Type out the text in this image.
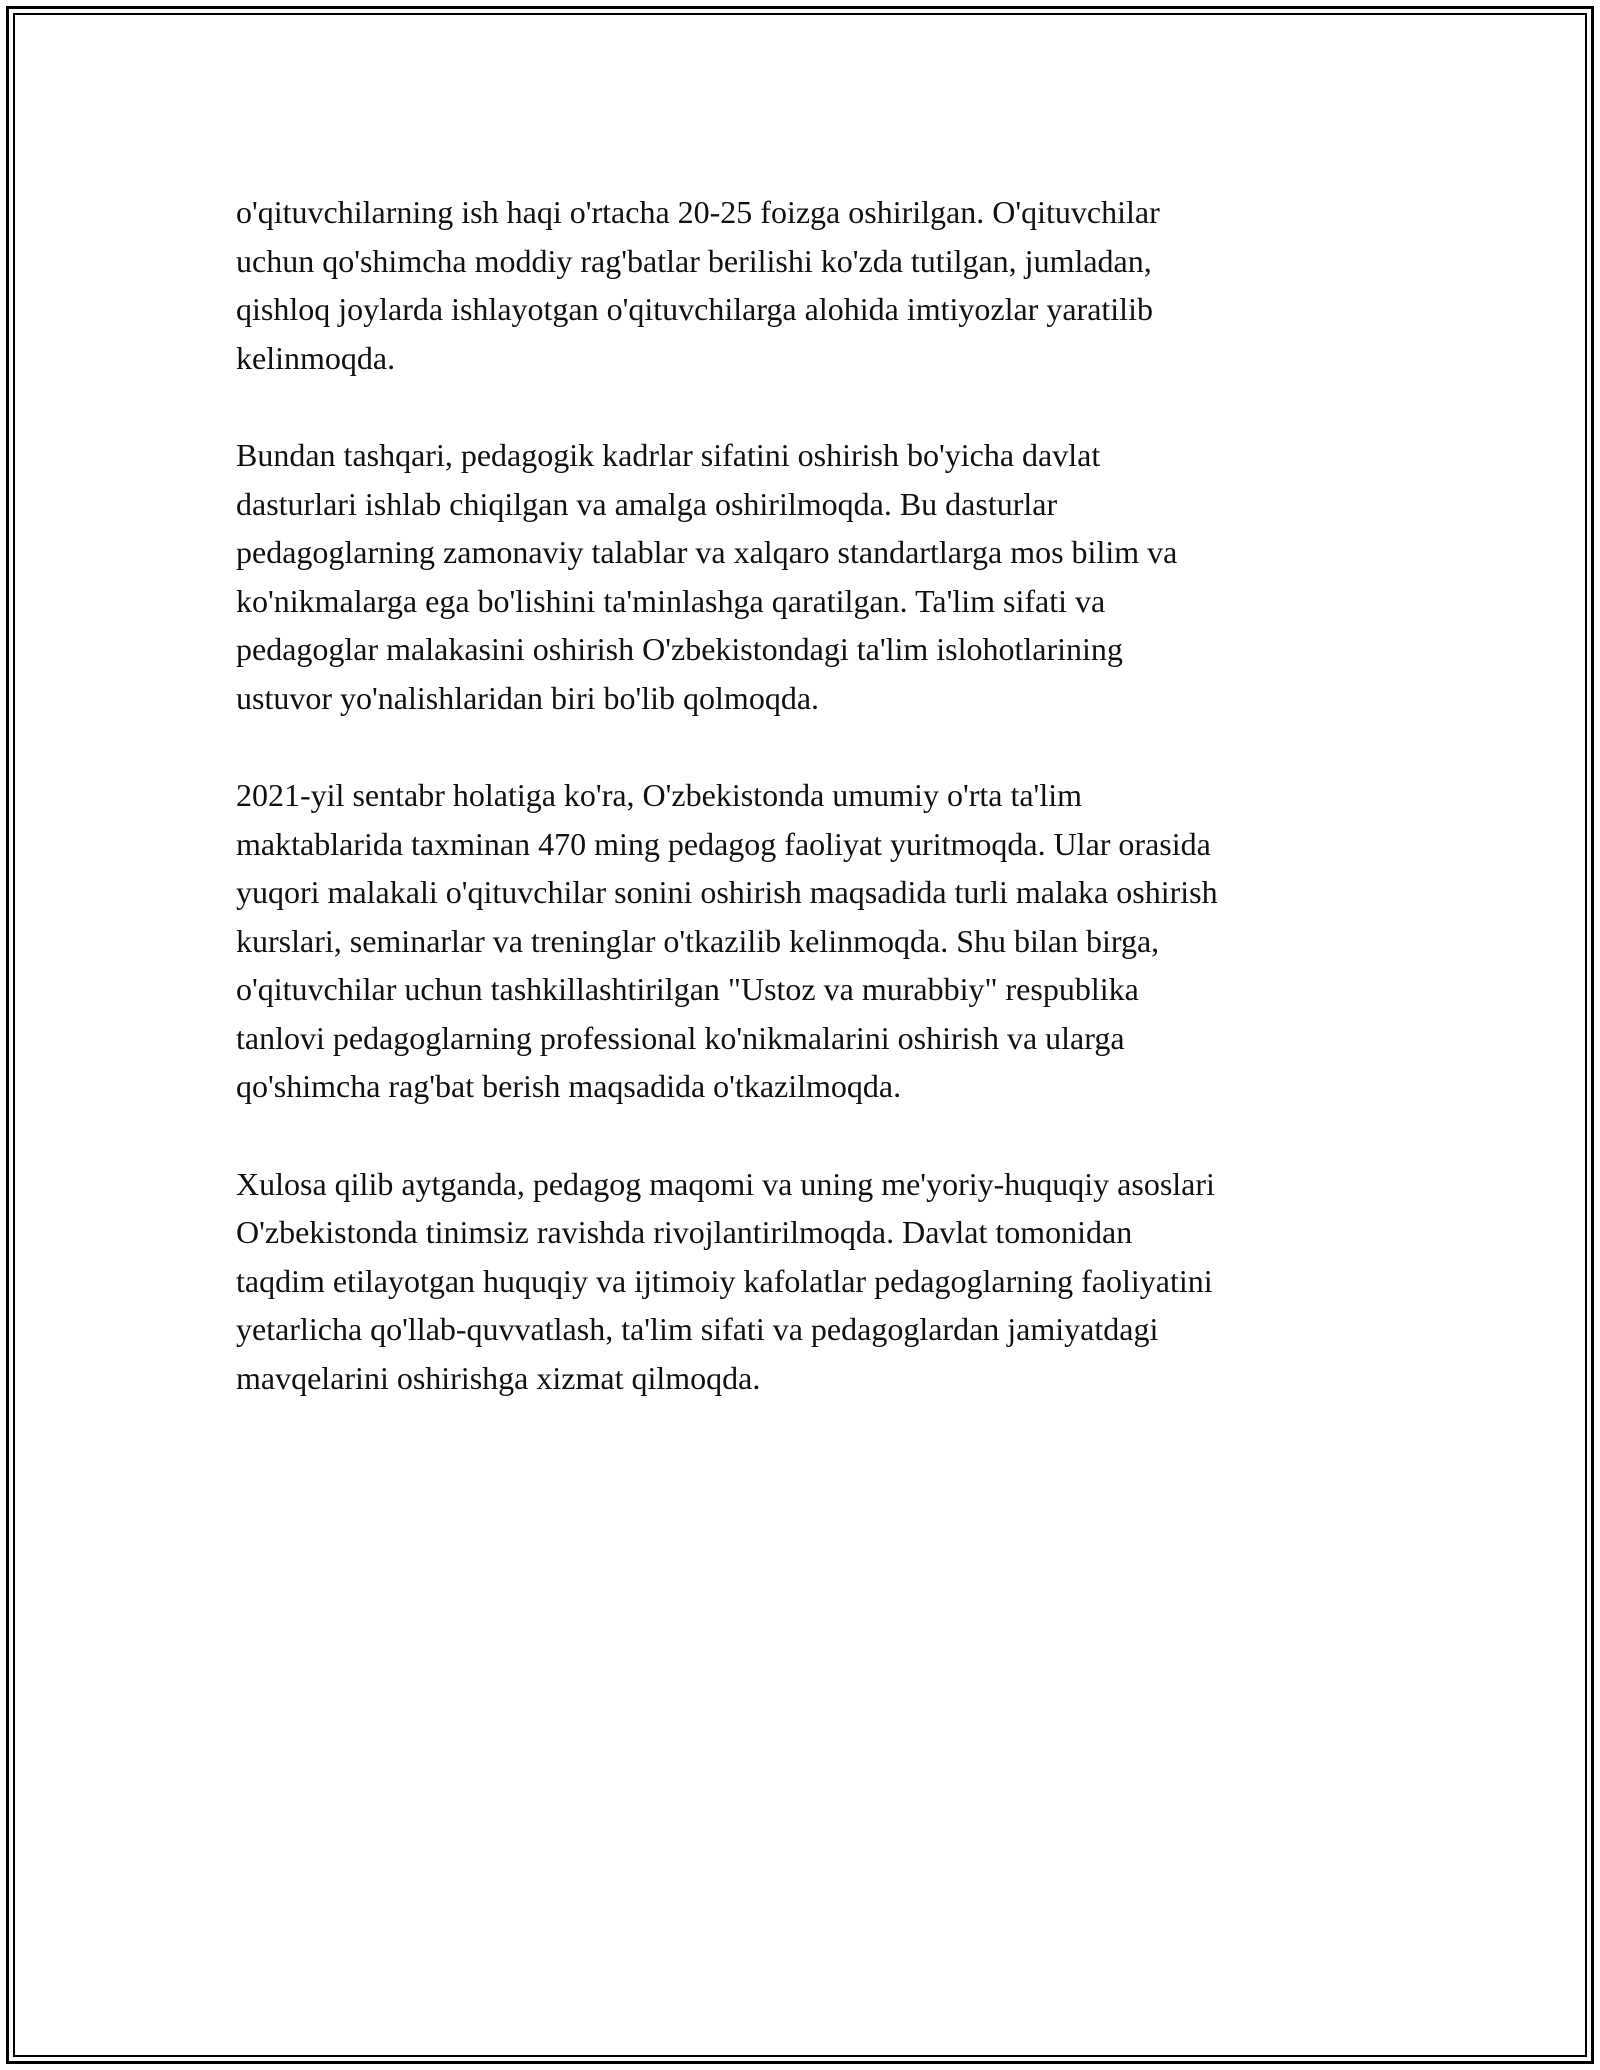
o'qituvchilarning ish haqi o'rtacha 20-25 foizga oshirilgan. O'qituvchilar
uchun qo'shimcha moddiy rag'batlar berilishi ko'zda tutilgan, jumladan,
qishloq joylarda ishlayotgan o'qituvchilarga alohida imtiyozlar yaratilib
kelinmoqda.

Bundan tashqari, pedagogik kadrlar sifatini oshirish bo'yicha davlat
dasturlari ishlab chiqilgan va amalga oshirilmoqda. Bu dasturlar
pedagoglarning zamonaviy talablar va xalqaro standartlarga mos bilim va
ko'nikmalarga ega bo'lishini ta'minlashga qaratilgan. Ta'lim sifati va
pedagoglar malakasini oshirish O'zbekistondagi ta'lim islohotlarining
ustuvor yo'nalishlaridan biri bo'lib qolmoqda.

2021-yil sentabr holatiga ko'ra, O'zbekistonda umumiy o'rta ta'lim
maktablarida taxminan 470 ming pedagog faoliyat yuritmoqda. Ular orasida
yuqori malakali o'qituvchilar sonini oshirish maqsadida turli malaka oshirish
kurslari, seminarlar va treninglar o'tkazilib kelinmoqda. Shu bilan birga,
o'qituvchilar uchun tashkillashtirilgan "Ustoz va murabbiy" respublika
tanlovi pedagoglarning professional ko'nikmalarini oshirish va ularga
qo'shimcha rag'bat berish maqsadida o'tkazilmoqda.

Xulosa qilib aytganda, pedagog maqomi va uning me'yoriy-huquqiy asoslari
O'zbekistonda tinimsiz ravishda rivojlantirilmoqda. Davlat tomonidan
taqdim etilayotgan huquqiy va ijtimoiy kafolatlar pedagoglarning faoliyatini
yetarlicha qo'llab-quvvatlash, ta'lim sifati va pedagoglardan jamiyatdagi
mavqelarini oshirishga xizmat qilmoqda.
